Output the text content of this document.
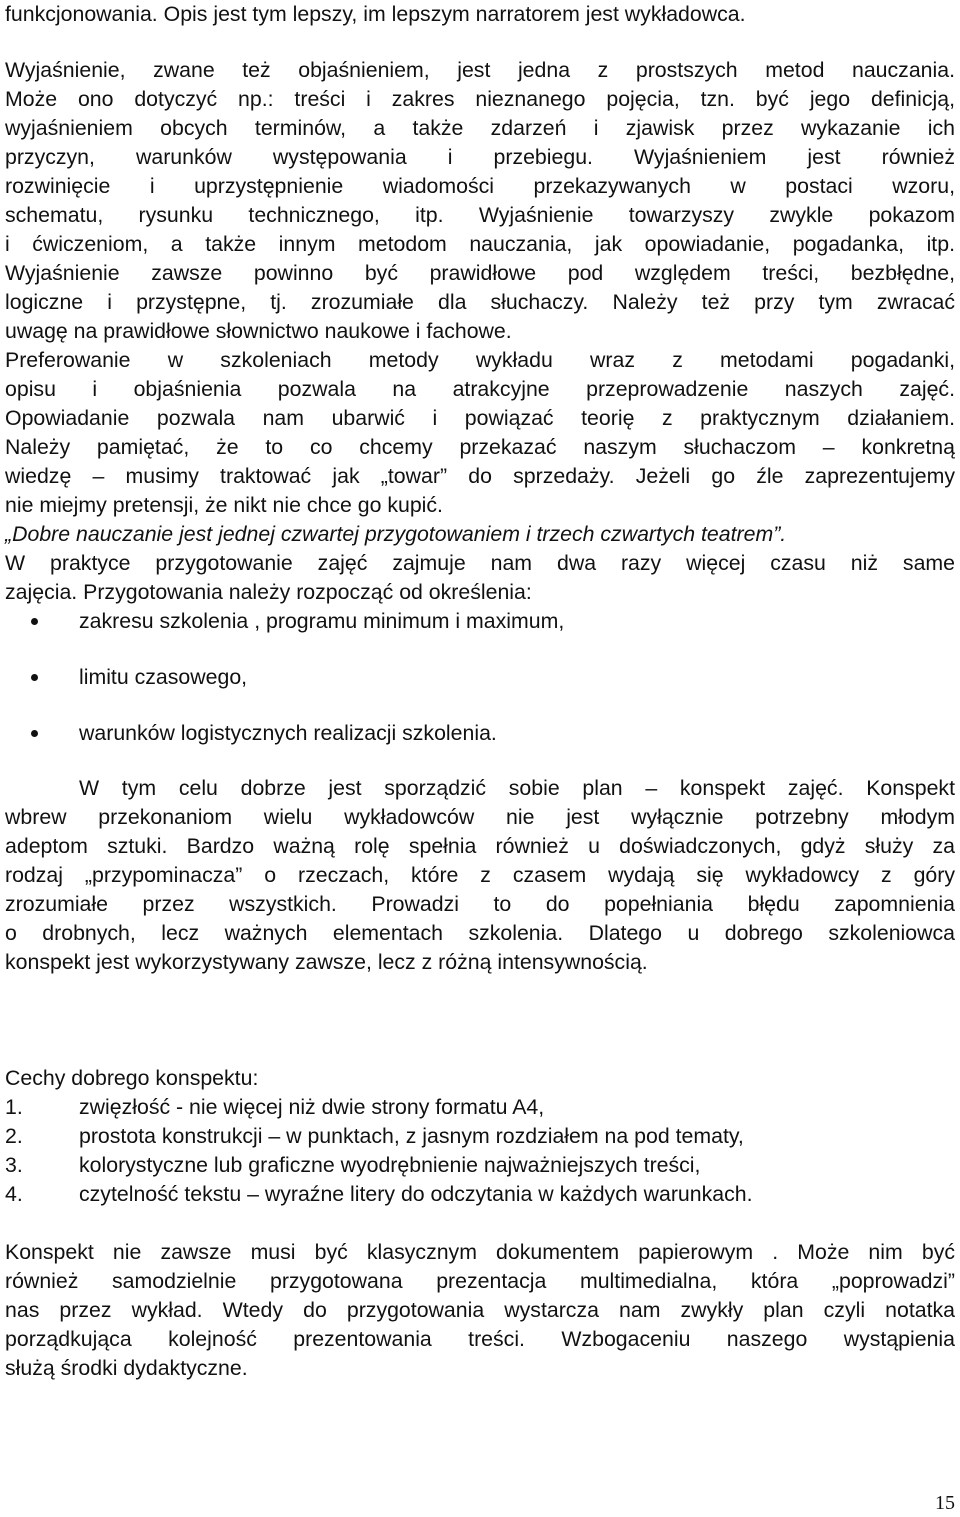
funkcjonowania. Opis jest tym lepszy, im lepszym narratorem jest wykładowca.

Wyjaśnienie, zwane też objaśnieniem, jest jedna z prostszych metod nauczania.

Może ono dotyczyć np.: treści i zakres nieznanego pojęcia, tzn. być jego definicją,

wyjaśnieniem obcych terminów, a także zdarzeń i zjawisk przez wykazanie ich

przyczyn, warunków występowania i przebiegu. Wyjaśnieniem jest również

rozwinięcie i uprzystępnienie wiadomości przekazywanych w postaci wzoru,

schematu, rysunku technicznego, itp. Wyjaśnienie towarzyszy zwykle pokazom

i ćwiczeniom, a także innym metodom nauczania, jak opowiadanie, pogadanka, itp.

Wyjaśnienie zawsze powinno być prawidłowe pod względem treści, bezbłędne,

logiczne i przystępne, tj. zrozumiałe dla słuchaczy. Należy też przy tym zwracać

uwagę na prawidłowe słownictwo naukowe i fachowe.

Preferowanie w szkoleniach metody wykładu wraz z metodami pogadanki,

opisu i objaśnienia pozwala na atrakcyjne przeprowadzenie naszych zajęć.

Opowiadanie pozwala nam ubarwić i powiązać teorię z praktycznym działaniem.

Należy pamiętać, że to co chcemy przekazać naszym słuchaczom – konkretną

wiedzę – musimy traktować jak „towar” do sprzedaży. Jeżeli go źle zaprezentujemy

nie miejmy pretensji, że nikt nie chce go kupić.

„Dobre nauczanie jest jednej czwartej przygotowaniem i trzech czwartych teatrem”.

W praktyce przygotowanie zajęć zajmuje nam dwa razy więcej czasu niż same

zajęcia. Przygotowania należy rozpocząć od określenia:

zakresu szkolenia , programu minimum i maximum,
limitu czasowego,
warunków logistycznych realizacji szkolenia.

W tym celu dobrze jest sporządzić sobie plan – konspekt zajęć. Konspekt

wbrew przekonaniom wielu wykładowców nie jest wyłącznie potrzebny młodym

adeptom sztuki. Bardzo ważną rolę spełnia również u doświadczonych, gdyż służy za

rodzaj „przypominacza” o rzeczach, które z czasem wydają się wykładowcy z góry

zrozumiałe przez wszystkich. Prowadzi to do popełniania błędu zapomnienia

o drobnych, lecz ważnych elementach szkolenia. Dlatego u dobrego szkoleniowca

konspekt jest wykorzystywany zawsze, lecz z różną intensywnością.

Cechy dobrego konspektu:

1.	zwięzłość - nie więcej niż dwie strony formatu A4,
2.	prostota konstrukcji – w punktach, z jasnym rozdziałem na pod tematy,
3.	kolorystyczne lub graficzne wyodrębnienie najważniejszych treści,
4.	czytelność tekstu – wyraźne litery do odczytania w każdych warunkach.

Konspekt nie zawsze musi być klasycznym dokumentem papierowym . Może nim być

również samodzielnie przygotowana prezentacja multimedialna, która „poprowadzi”

nas przez wykład. Wtedy do przygotowania wystarcza nam zwykły plan czyli notatka

porządkująca kolejność prezentowania treści. Wzbogaceniu naszego wystąpienia

służą środki dydaktyczne.

15
